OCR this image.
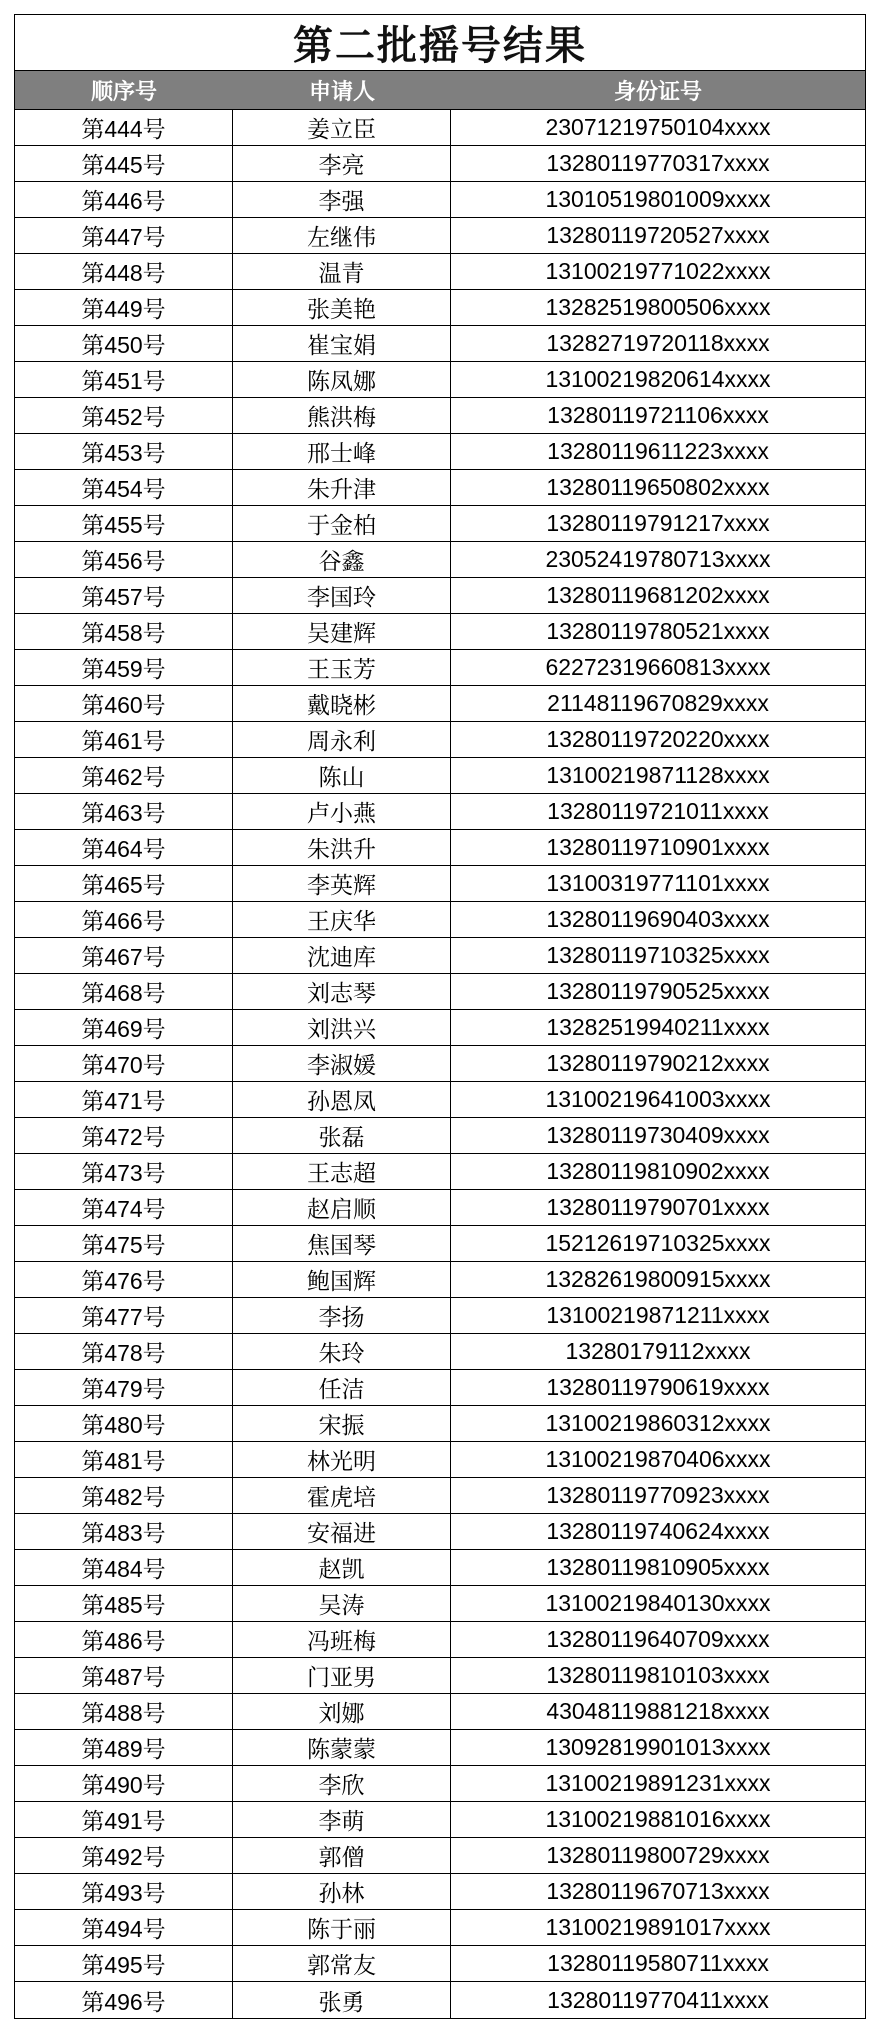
第二批摇号结果
顺序号	申请人	身份证号
第444号	姜立臣	23071219750104xxxx
第445号	李亮	13280119770317xxxx
第446号	李强	13010519801009xxxx
第447号	左继伟	13280119720527xxxx
第448号	温青	13100219771022xxxx
第449号	张美艳	13282519800506xxxx
第450号	崔宝娟	13282719720118xxxx
第451号	陈凤娜	13100219820614xxxx
第452号	熊洪梅	13280119721106xxxx
第453号	邢士峰	13280119611223xxxx
第454号	朱升津	13280119650802xxxx
第455号	于金柏	13280119791217xxxx
第456号	谷鑫	23052419780713xxxx
第457号	李国玲	13280119681202xxxx
第458号	吴建辉	13280119780521xxxx
第459号	王玉芳	62272319660813xxxx
第460号	戴晓彬	21148119670829xxxx
第461号	周永利	13280119720220xxxx
第462号	陈山	13100219871128xxxx
第463号	卢小燕	13280119721011xxxx
第464号	朱洪升	13280119710901xxxx
第465号	李英辉	13100319771101xxxx
第466号	王庆华	13280119690403xxxx
第467号	沈迪库	13280119710325xxxx
第468号	刘志琴	13280119790525xxxx
第469号	刘洪兴	13282519940211xxxx
第470号	李淑媛	13280119790212xxxx
第471号	孙恩凤	13100219641003xxxx
第472号	张磊	13280119730409xxxx
第473号	王志超	13280119810902xxxx
第474号	赵启顺	13280119790701xxxx
第475号	焦国琴	15212619710325xxxx
第476号	鲍国辉	13282619800915xxxx
第477号	李扬	13100219871211xxxx
第478号	朱玲	13280179112xxxx
第479号	任洁	13280119790619xxxx
第480号	宋振	13100219860312xxxx
第481号	林光明	13100219870406xxxx
第482号	霍虎培	13280119770923xxxx
第483号	安福进	13280119740624xxxx
第484号	赵凯	13280119810905xxxx
第485号	吴涛	13100219840130xxxx
第486号	冯班梅	13280119640709xxxx
第487号	门亚男	13280119810103xxxx
第488号	刘娜	43048119881218xxxx
第489号	陈蒙蒙	13092819901013xxxx
第490号	李欣	13100219891231xxxx
第491号	李萌	13100219881016xxxx
第492号	郭僧	13280119800729xxxx
第493号	孙林	13280119670713xxxx
第494号	陈于丽	13100219891017xxxx
第495号	郭常友	13280119580711xxxx
第496号	张勇	13280119770411xxxx
